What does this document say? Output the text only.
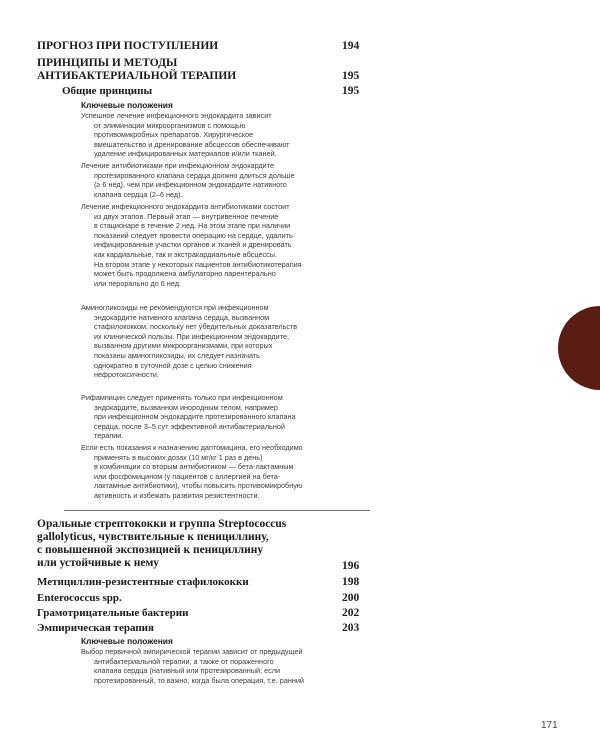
ПРОГНОЗ ПРИ ПОСТУПЛЕНИИ	194
ПРИНЦИПЫ И МЕТОДЫ
АНТИБАКТЕРИАЛЬНОЙ ТЕРАПИИ	195
Общие принципы	195
Ключевые положения
Успешное лечение инфекционного эндокардита зависит
от элиминации микроорганизмов с помощью
противомикробных препаратов. Хирургическое
вмешательство и дренирование абсцессов обеспечивают
удаление инфицированных материалов и/или тканей.
Лечение антибиотиками при инфекционном эндокардите
протезированного клапана сердца должно длиться дольше
(≥ 6 нед), чем при инфекционном эндокардите нативного
клапана сердца (2–6 нед).
Лечение инфекционного эндокардита антибиотиками состоит
из двух этапов. Первый этап — внутривенное лечение
в стационаре в течение 2 нед. На этом этапе при наличии
показаний следует провести операцию на сердце, удалить
инфицированные участки органов и тканей и дренировать
как кардиальные, так и экстракардиальные абсцессы.
На втором этапе у некоторых пациентов антибиотикотерапия
может быть продолжена амбулаторно парентерально
или перорально до 6 нед.
Аминогликозиды не рекомендуются при инфекционном
эндокардите нативного клапана сердца, вызванном
стафилококком, поскольку нет убедительных доказательств
их клинической пользы. При инфекционном эндокардите,
вызванном другими микроорганизмами, при которых
показаны аминогликозиды, их следует назначать
однократно в суточной дозе с целью снижения
нефротоксичности.
Рифампицин следует применять только при инфекционном
эндокардите, вызванном инородным телом, например
при инфекционном эндокардите протезированного клапана
сердца, после 3–5 сут эффективной антибактериальной
терапии.
Если есть показания к назначению даптомицина, его необходимо
применять в высоких дозах (10 мг/кг 1 раз в день)
в комбинации со вторым антибиотиком — бета-лактамным
или фосфомицином (у пациентов с аллергией на бета-
лактамные антибиотики), чтобы повысить противомикробную
активность и избежать развития резистентности.
Оральные стрептококки и группа Streptococcus
gallolyticus, чувствительные к пенициллину,
с повышенной экспозицией к пенициллину
или устойчивые к нему	196
Метициллин-резистентные стафилококки	198
Enterococcus spp.	200
Грамотрицательные бактерии	202
Эмпирическая терапия	203
Ключевые положения
Выбор первичной эмпирической терапии зависит от предыдущей
антибактериальной терапии, а также от пораженного
клапана сердца (нативный или протезированный; если
протезированный, то важно, когда была операция, т.е. ранний
171
